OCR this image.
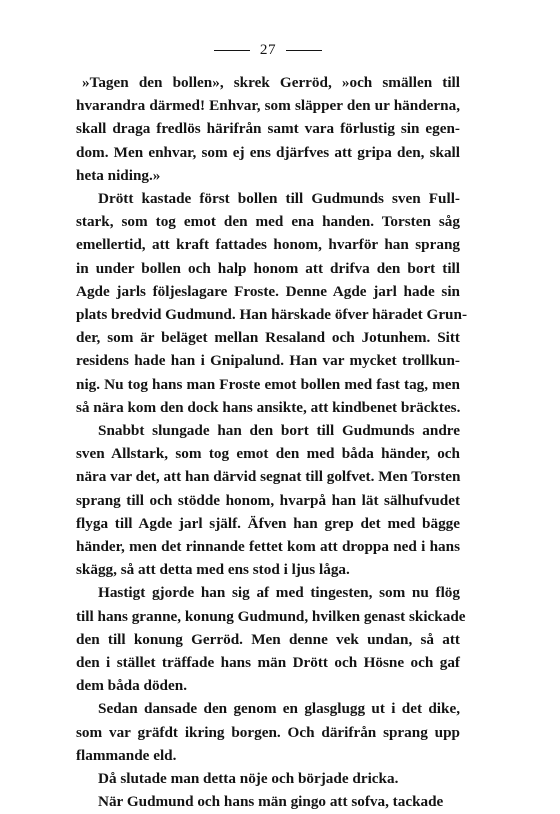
27
»Tagen den bollen», skrek Gerröd, »och smällen till
hvarandra därmed! Enhvar, som släpper den ur händerna,
skall draga fredlös härifrån samt vara förlustig sin egen-
dom. Men enhvar, som ej ens djärfves att gripa den, skall
heta niding.»
Drött kastade först bollen till Gudmunds sven Full-
stark, som tog emot den med ena handen. Torsten såg
emellertid, att kraft fattades honom, hvarför han sprang
in under bollen och halp honom att drifva den bort till
Agde jarls följeslagare Froste. Denne Agde jarl hade sin
plats bredvid Gudmund. Han härskade öfver häradet Grun-
der, som är beläget mellan Resaland och Jotunhem. Sitt
residens hade han i Gnipalund. Han var mycket trollkun-
nig. Nu tog hans man Froste emot bollen med fast tag, men
så nära kom den dock hans ansikte, att kindbenet bräcktes.
Snabbt slungade han den bort till Gudmunds andre
sven Allstark, som tog emot den med båda händer, och
nära var det, att han därvid segnat till golfvet. Men Torsten
sprang till och stödde honom, hvarpå han lät sälhufvudet
flyga till Agde jarl själf. Äfven han grep det med bägge
händer, men det rinnande fettet kom att droppa ned i hans
skägg, så att detta med ens stod i ljus låga.
Hastigt gjorde han sig af med tingesten, som nu flög
till hans granne, konung Gudmund, hvilken genast skickade
den till konung Gerröd. Men denne vek undan, så att
den i stället träffade hans män Drött och Hösne och gaf
dem båda döden.
Sedan dansade den genom en glasglugg ut i det dike,
som var gräfdt ikring borgen. Och därifrån sprang upp
flammande eld.
Då slutade man detta nöje och började dricka.
När Gudmund och hans män gingo att sofva, tackade
